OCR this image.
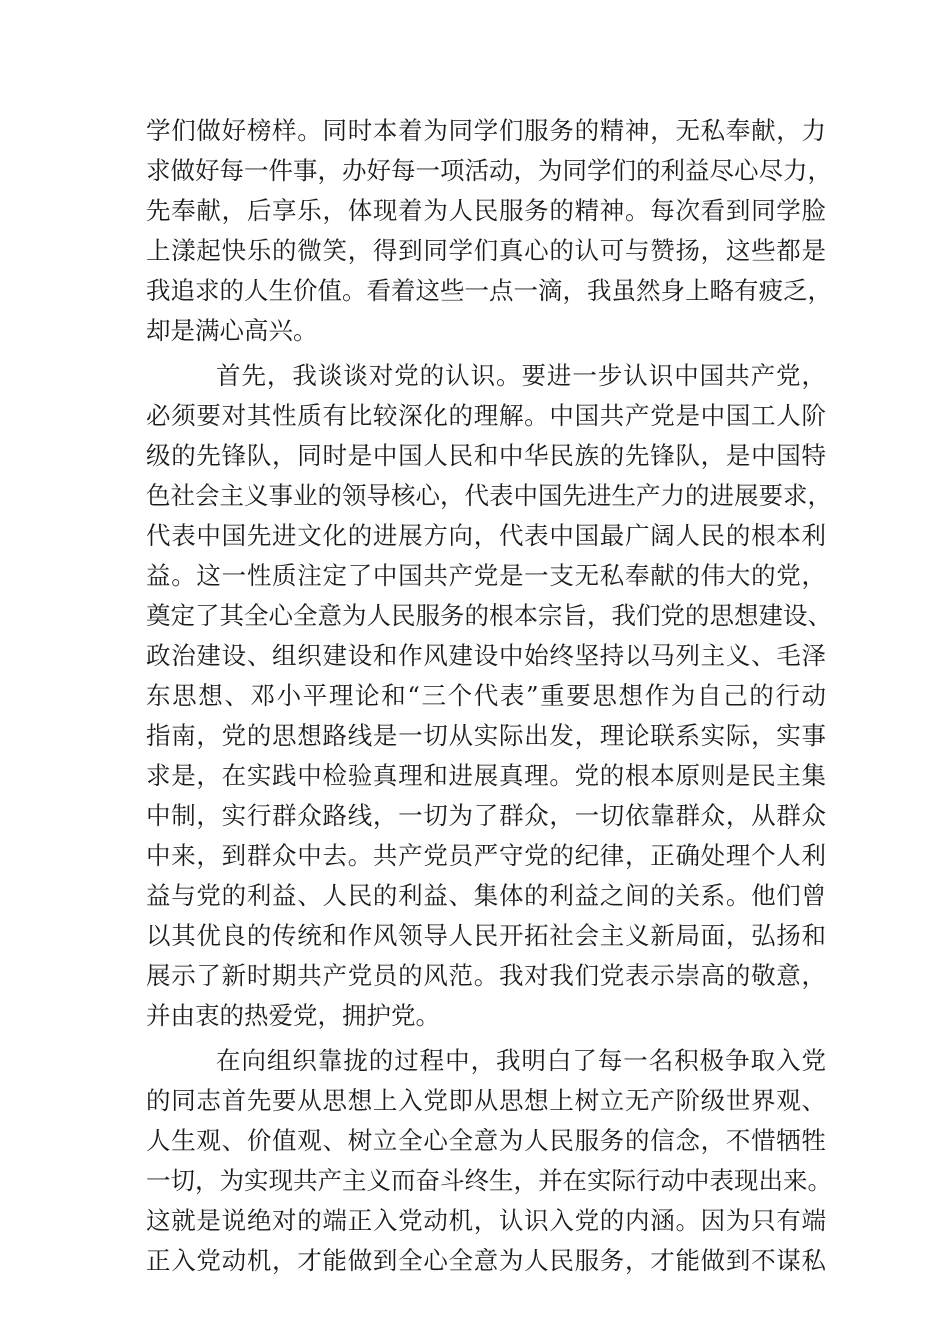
学们做好榜样。同时本着为同学们服务的精神，无私奉献，力
求做好每一件事，办好每一项活动，为同学们的利益尽心尽力，
先奉献，后享乐，体现着为人民服务的精神。每次看到同学脸
上漾起快乐的微笑，得到同学们真心的认可与赞扬，这些都是
我追求的人生价值。看着这些一点一滴，我虽然身上略有疲乏，
却是满心高兴。
首先，我谈谈对党的认识。要进一步认识中国共产党，
必须要对其性质有比较深化的理解。中国共产党是中国工人阶
级的先锋队，同时是中国人民和中华民族的先锋队，是中国特
色社会主义事业的领导核心，代表中国先进生产力的进展要求，
代表中国先进文化的进展方向，代表中国最广阔人民的根本利
益。这一性质注定了中国共产党是一支无私奉献的伟大的党，
奠定了其全心全意为人民服务的根本宗旨，我们党的思想建设、
政治建设、组织建设和作风建设中始终坚持以马列主义、毛泽
东思想、邓小平理论和“三个代表”重要思想作为自己的行动
指南，党的思想路线是一切从实际出发，理论联系实际，实事
求是，在实践中检验真理和进展真理。党的根本原则是民主集
中制，实行群众路线，一切为了群众，一切依靠群众，从群众
中来，到群众中去。共产党员严守党的纪律，正确处理个人利
益与党的利益、人民的利益、集体的利益之间的关系。他们曾
以其优良的传统和作风领导人民开拓社会主义新局面，弘扬和
展示了新时期共产党员的风范。我对我们党表示崇高的敬意，
并由衷的热爱党，拥护党。
在向组织靠拢的过程中，我明白了每一名积极争取入党
的同志首先要从思想上入党即从思想上树立无产阶级世界观、
人生观、价值观、树立全心全意为人民服务的信念，不惜牺牲
一切，为实现共产主义而奋斗终生，并在实际行动中表现出来。
这就是说绝对的端正入党动机，认识入党的内涵。因为只有端
正入党动机，才能做到全心全意为人民服务，才能做到不谋私
